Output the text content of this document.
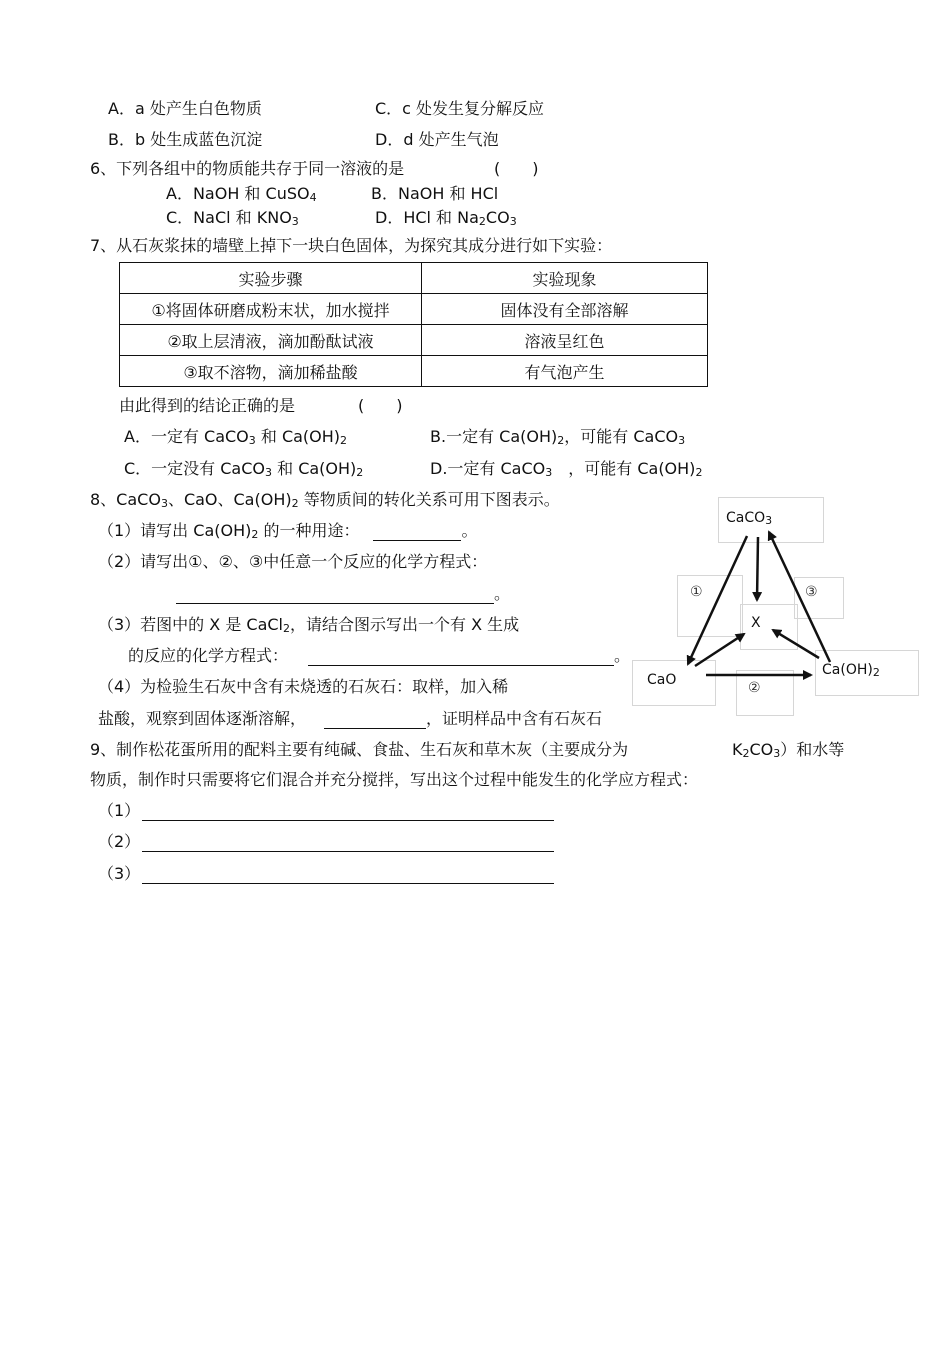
A．a 处产生白色物质	C．c 处发生复分解反应
B．b 处生成蓝色沉淀	D．d 处产生气泡
6、下列各组中的物质能共存于同一溶液的是	(　　)
A．NaOH 和 CuSO$_4$	B．NaOH 和 HCl
C．NaCl 和 $KNO_3$	D．HCl 和 $Na_2CO_3$
7、从石灰浆抹的墙壁上掉下一块白色固体，为探究其成分进行如下实验：
实验步骤	实验现象
①将固体研磨成粉末状，加水搅拌	固体没有全部溶解
②取上层清液，滴加酚酞试液	溶液呈红色
③取不溶物，滴加稀盐酸	有气泡产生
由此得到的结论正确的是	(　　)
A．一定有 CaCO$_3$ 和 $Ca(OH)_2$	B.一定有 $Ca(OH)_2$，可能有 CaCO$_3$
C．一定没有 CaCO$_3$ 和 $Ca(OH)_2$	D.一定有 CaCO$_3$　，可能有 $Ca(OH)_2$
8、CaCO$_3$、CaO、$Ca(OH)_2$ 等物质间的转化关系可用下图表示。
（1）请写出 $Ca(OH)_2$ 的一种用途：	。
（2）请写出①、②、③中任意一个反应的化学方程式：
。
（3）若图中的 X 是 CaCl$_2$，请结合图示写出一个有 X 生成
的反应的化学方程式：	。
（4）为检验生石灰中含有未烧透的石灰石：取样，加入稀
盐酸，观察到固体逐渐溶解，	，证明样品中含有石灰石
CaCO$_3$
X
CaO
$Ca(OH)_2$
①	③
②
9、制作松花蛋所用的配料主要有纯碱、食盐、生石灰和草木灰（主要成分为	$K_2CO_3$）和水等
物质，制作时只需要将它们混合并充分搅拌，写出这个过程中能发生的化学应方程式：
（1）
（2）
（3）
